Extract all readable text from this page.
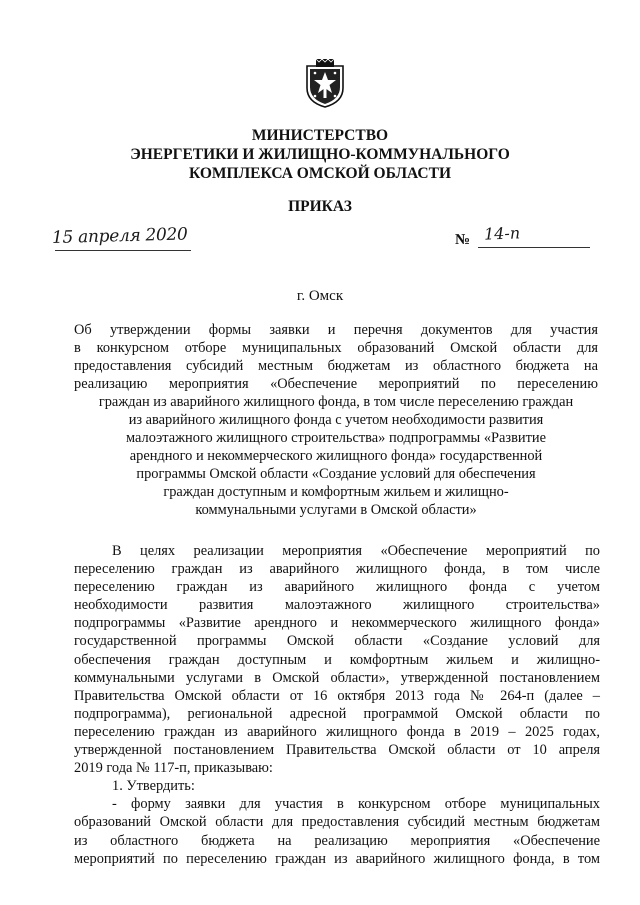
МИНИСТЕРСТВО
ЭНЕРГЕТИКИ И ЖИЛИЩНО-КОММУНАЛЬНОГО
КОМПЛЕКСА ОМСКОЙ ОБЛАСТИ
ПРИКАЗ
15 апреля 2020	№ 14-п
г. Омск
Об утверждении формы заявки и перечня документов для участия
в конкурсном отборе муниципальных образований Омской области для
предоставления субсидий местным бюджетам из областного бюджета на
реализацию мероприятия «Обеспечение мероприятий по переселению
граждан из аварийного жилищного фонда, в том числе переселению граждан
из аварийного жилищного фонда с учетом необходимости развития
малоэтажного жилищного строительства» подпрограммы «Развитие
арендного и некоммерческого жилищного фонда» государственной
программы Омской области «Создание условий для обеспечения
граждан доступным и комфортным жильем и жилищно-
коммунальными услугами в Омской области»
В целях реализации мероприятия «Обеспечение мероприятий по
переселению граждан из аварийного жилищного фонда, в том числе
переселению граждан из аварийного жилищного фонда с учетом
необходимости развития малоэтажного жилищного строительства»
подпрограммы «Развитие арендного и некоммерческого жилищного фонда»
государственной программы Омской области «Создание условий для
обеспечения граждан доступным и комфортным жильем и жилищно-
коммунальными услугами в Омской области», утвержденной постановлением
Правительства Омской области от 16 октября 2013 года № 264-п (далее –
подпрограмма), региональной адресной программой Омской области по
переселению граждан из аварийного жилищного фонда в 2019 – 2025 годах,
утвержденной постановлением Правительства Омской области от 10 апреля
2019 года № 117-п, приказываю:
1. Утвердить:
- форму заявки для участия в конкурсном отборе муниципальных
образований Омской области для предоставления субсидий местным бюджетам
из областного бюджета на реализацию мероприятия «Обеспечение
мероприятий по переселению граждан из аварийного жилищного фонда, в том
